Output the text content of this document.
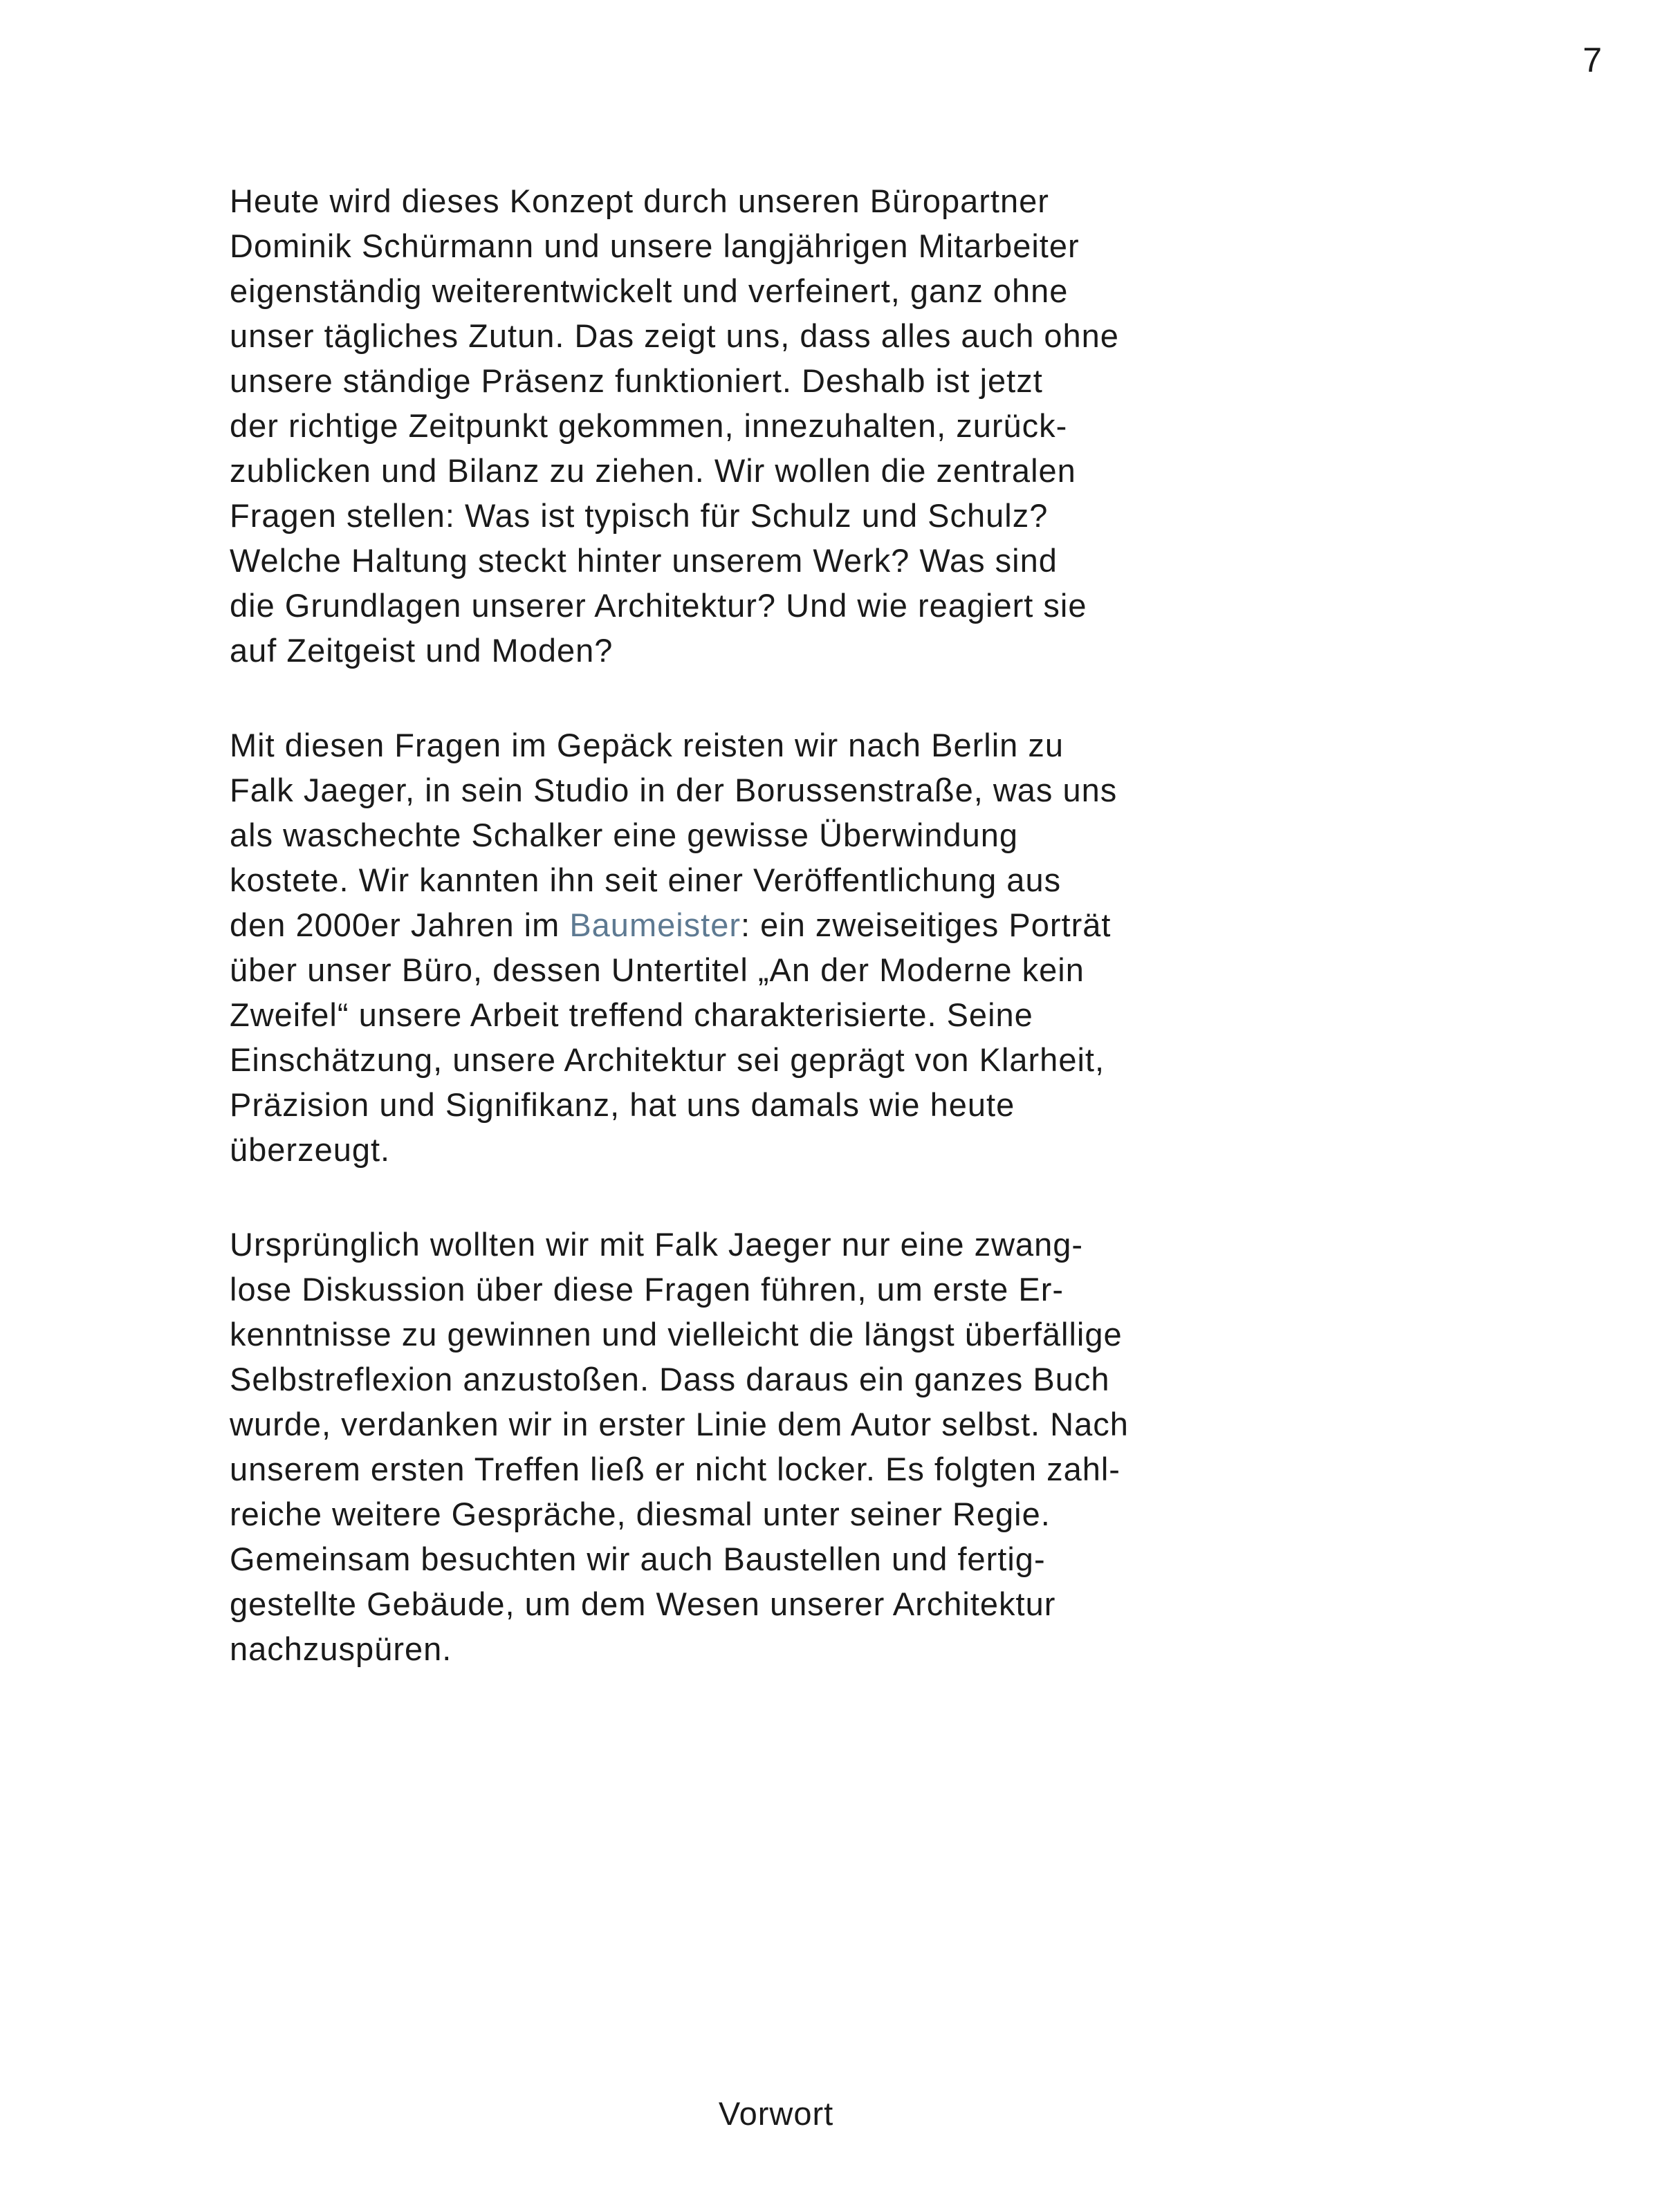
7

Heute wird dieses Konzept durch unseren Büropartner
Dominik Schürmann und unsere langjährigen Mitarbeiter
eigenständig weiterentwickelt und verfeinert, ganz ohne
unser tägliches Zutun. Das zeigt uns, dass alles auch ohne
unsere ständige Präsenz funktioniert. Deshalb ist jetzt
der richtige Zeitpunkt gekommen, innezuhalten, zurück-
zublicken und Bilanz zu ziehen. Wir wollen die zentralen
Fragen stellen: Was ist typisch für Schulz und Schulz?
Welche Haltung steckt hinter unserem Werk? Was sind
die Grundlagen unserer Architektur? Und wie reagiert sie
auf Zeitgeist und Moden?

Mit diesen Fragen im Gepäck reisten wir nach Berlin zu
Falk Jaeger, in sein Studio in der Borussenstraße, was uns
als waschechte Schalker eine gewisse Überwindung
kostete. Wir kannten ihn seit einer Veröffentlichung aus
den 2000er Jahren im Baumeister: ein zweiseitiges Porträt
über unser Büro, dessen Untertitel „An der Moderne kein
Zweifel“ unsere Arbeit treffend charakterisierte. Seine
Einschätzung, unsere Architektur sei geprägt von Klarheit,
Präzision und Signifikanz, hat uns damals wie heute
überzeugt.

Ursprünglich wollten wir mit Falk Jaeger nur eine zwang-
lose Diskussion über diese Fragen führen, um erste Er-
kenntnisse zu gewinnen und vielleicht die längst überfällige
Selbstreflexion anzustoßen. Dass daraus ein ganzes Buch
wurde, verdanken wir in erster Linie dem Autor selbst. Nach
unserem ersten Treffen ließ er nicht locker. Es folgten zahl-
reiche weitere Gespräche, diesmal unter seiner Regie.
Gemeinsam besuchten wir auch Baustellen und fertig-
gestellte Gebäude, um dem Wesen unserer Architektur
nachzuspüren.

Vorwort
